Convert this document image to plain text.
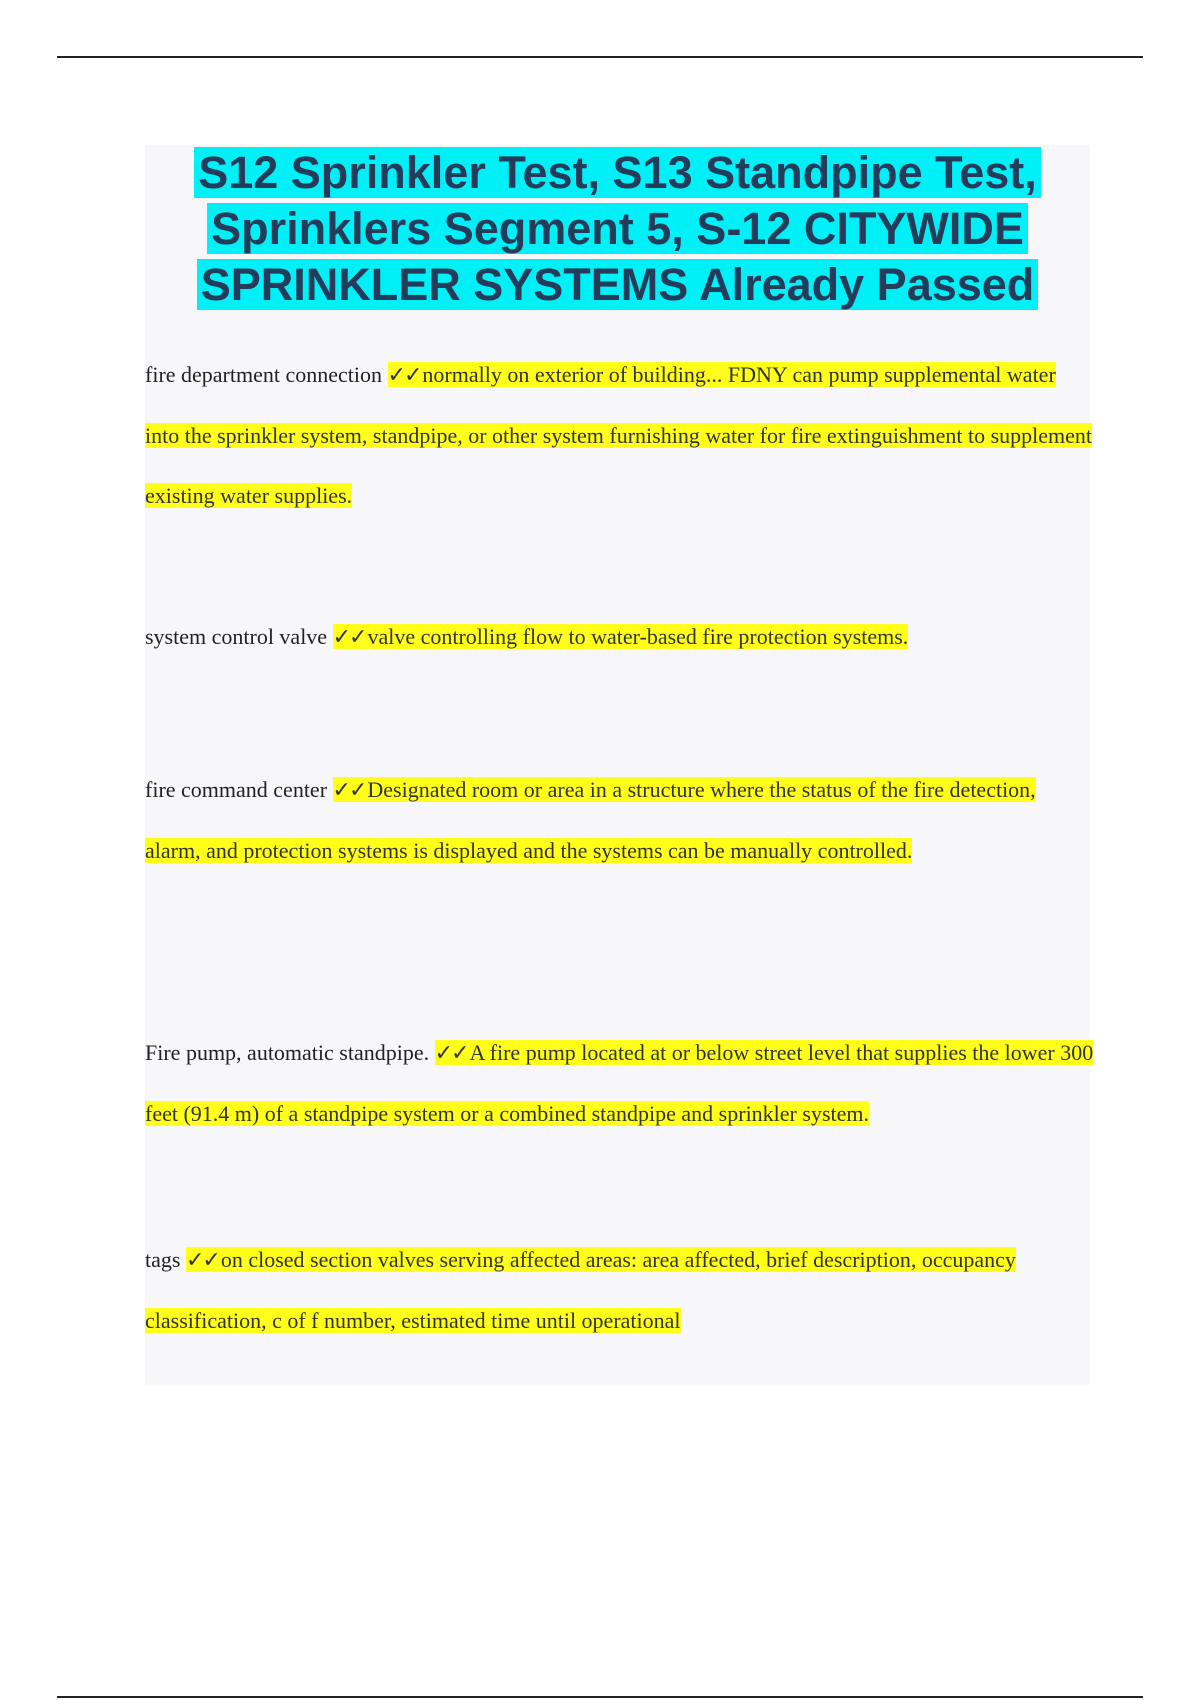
S12 Sprinkler Test, S13 Standpipe Test, Sprinklers Segment 5, S-12 CITYWIDE SPRINKLER SYSTEMS Already Passed

fire department connection ✓✓normally on exterior of building... FDNY can pump supplemental water into the sprinkler system, standpipe, or other system furnishing water for fire extinguishment to supplement existing water supplies.

system control valve ✓✓valve controlling flow to water-based fire protection systems.

fire command center ✓✓Designated room or area in a structure where the status of the fire detection, alarm, and protection systems is displayed and the systems can be manually controlled.

Fire pump, automatic standpipe. ✓✓A fire pump located at or below street level that supplies the lower 300 feet (91.4 m) of a standpipe system or a combined standpipe and sprinkler system.

tags ✓✓on closed section valves serving affected areas: area affected, brief description, occupancy classification, c of f number, estimated time until operational
